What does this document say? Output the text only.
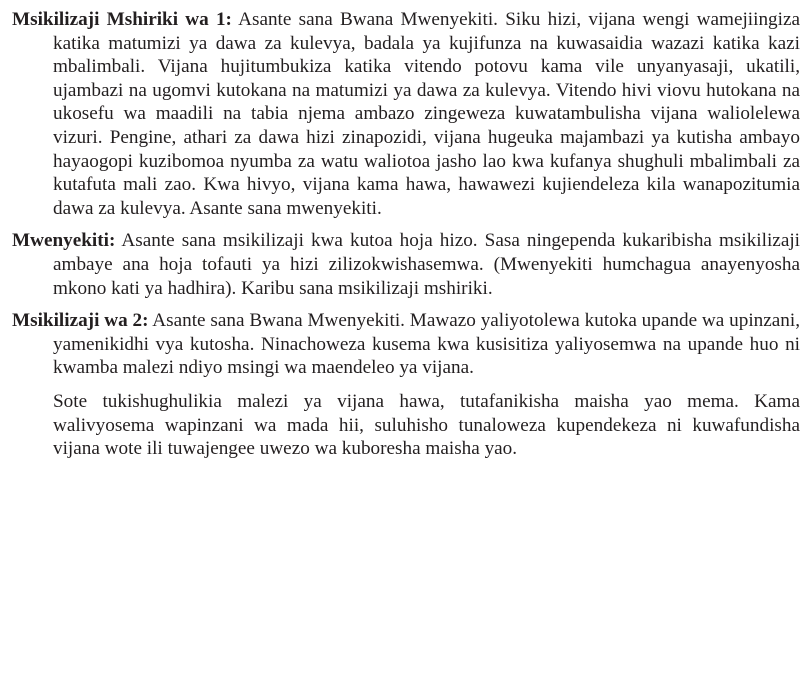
Msikilizaji Mshiriki wa 1: Asante sana Bwana Mwenyekiti. Siku hizi, vijana wengi wamejiingiza katika matumizi ya dawa za kulevya, badala ya kujifunza na kuwasaidia wazazi katika kazi mbalimbali. Vijana hujitumbukiza katika vitendo potovu kama vile unyanyasaji, ukatili, ujambazi na ugomvi kutokana na matumizi ya dawa za kulevya. Vitendo hivi viovu hutokana na ukosefu wa maadili na tabia njema ambazo zingeweza kuwatambulisha vijana waliolelewa vizuri. Pengine, athari za dawa hizi zinapozidi, vijana hugeuka majambazi ya kutisha ambayo hayaogopi kuzibomoa nyumba za watu waliotoa jasho lao kwa kufanya shughuli mbalimbali za kutafuta mali zao. Kwa hivyo, vijana kama hawa, hawawezi kujiendeleza kila wanapozitumia dawa za kulevya. Asante sana mwenyekiti.

Mwenyekiti: Asante sana msikilizaji kwa kutoa hoja hizo. Sasa ningependa kukaribisha msikilizaji ambaye ana hoja tofauti ya hizi zilizokwishasemwa. (Mwenyekiti humchagua anayenyosha mkono kati ya hadhira). Karibu sana msikilizaji mshiriki.

Msikilizaji wa 2: Asante sana Bwana Mwenyekiti. Mawazo yaliyotolewa kutoka upande wa upinzani, yamenikidhi vya kutosha. Ninachoweza kusema kwa kusisitiza yaliyosemwa na upande huo ni kwamba malezi ndiyo msingi wa maendeleo ya vijana.

Sote tukishughulikia malezi ya vijana hawa, tutafanikisha maisha yao mema. Kama walivyosema wapinzani wa mada hii, suluhisho tunaloweza kupendekeza ni kuwafundisha vijana wote ili tuwajengee uwezo wa kuboresha maisha yao.
